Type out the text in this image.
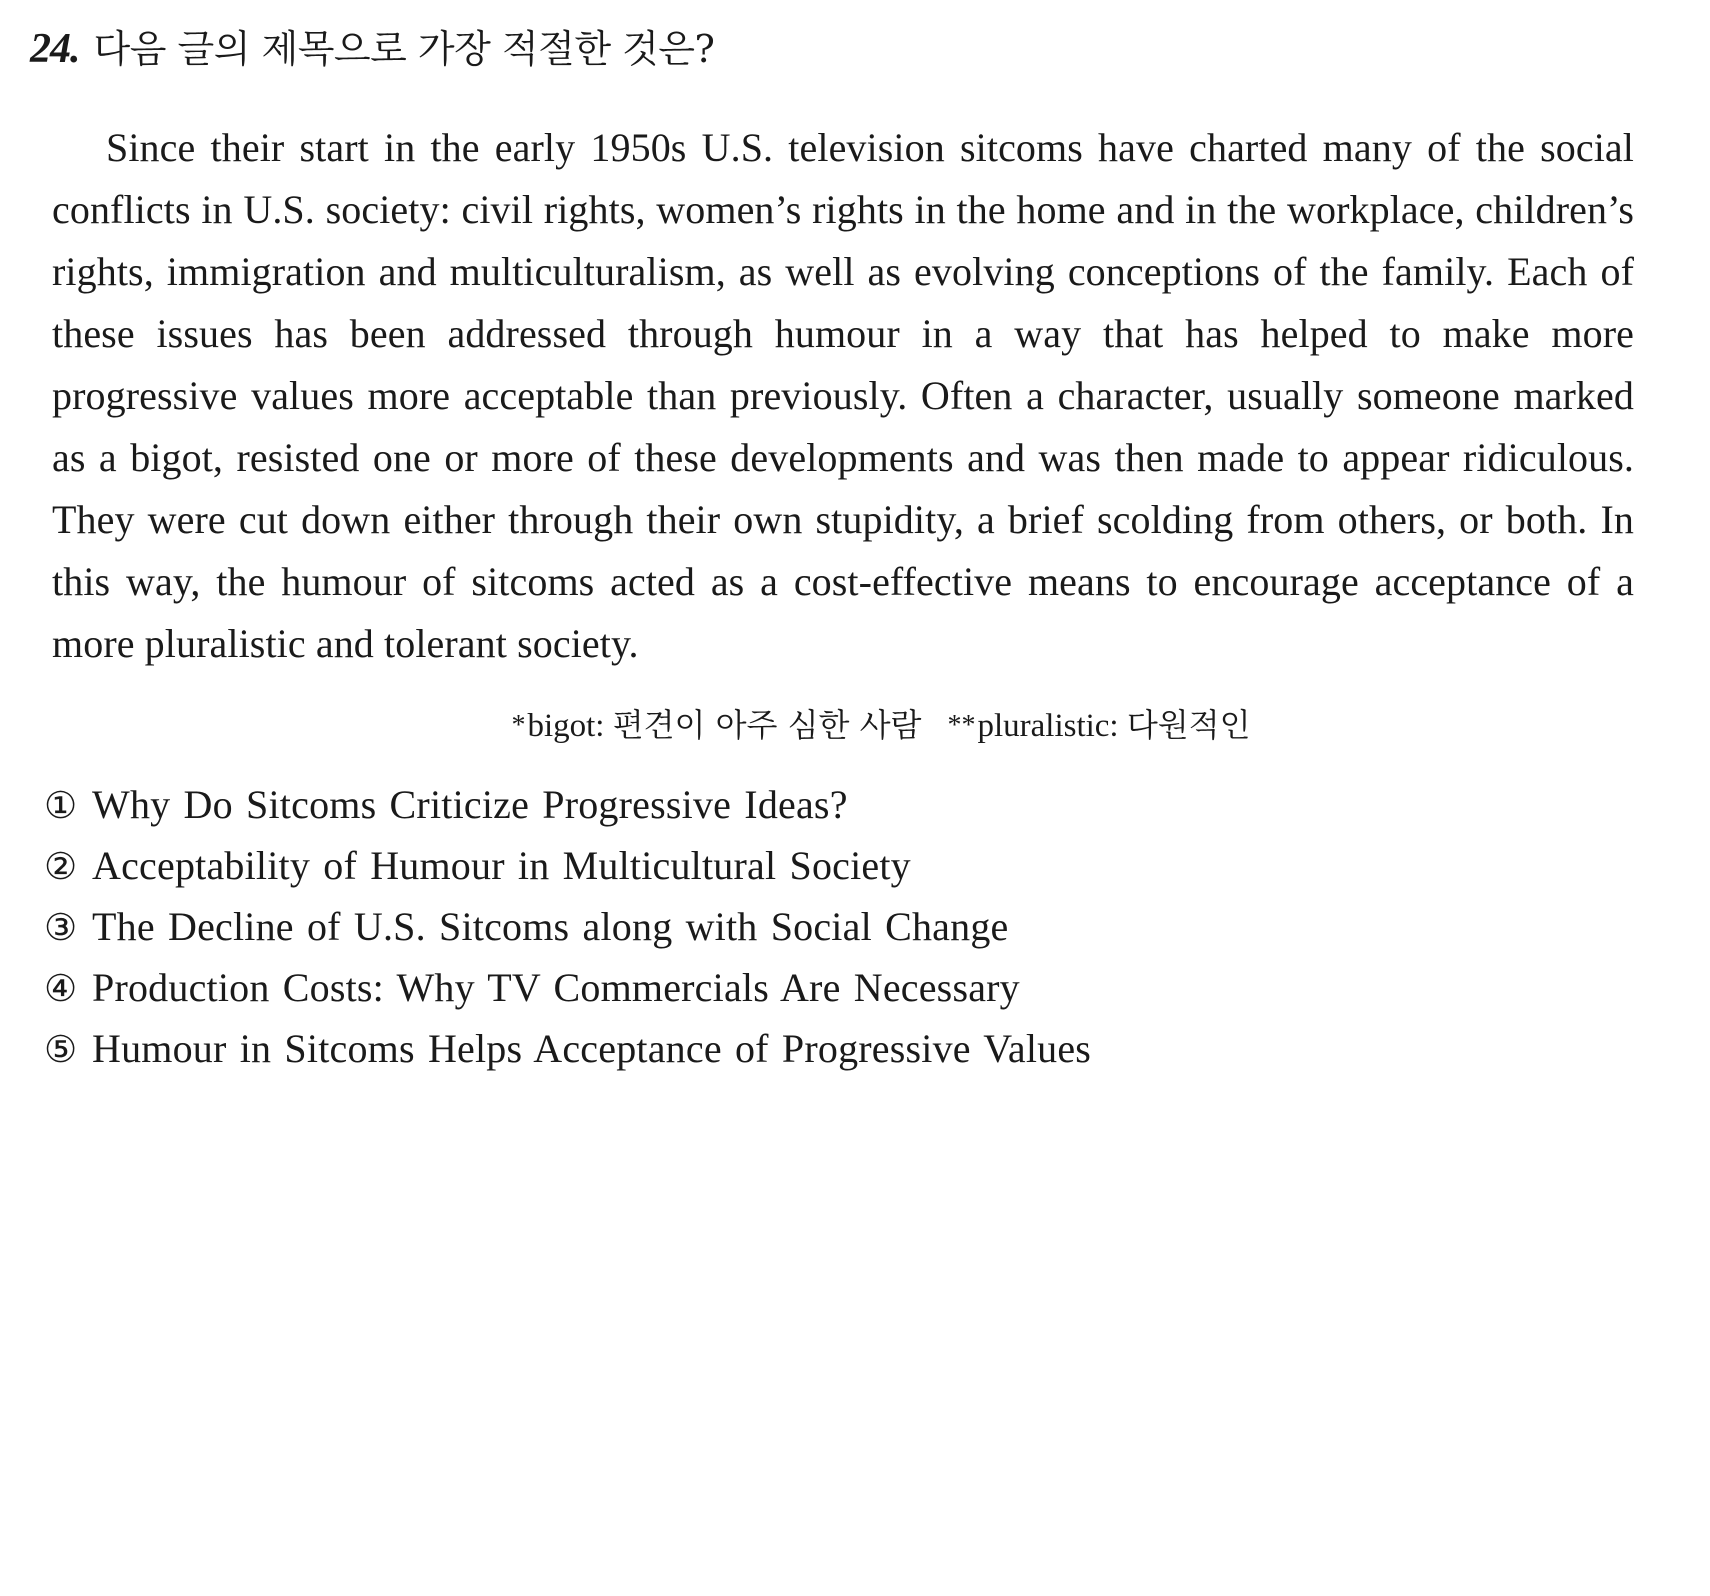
24. 다음 글의 제목으로 가장 적절한 것은?

Since their start in the early 1950s U.S. television sitcoms have charted many of the social conflicts in U.S. society: civil rights, women’s rights in the home and in the workplace, children’s rights, immigration and multiculturalism, as well as evolving conceptions of the family. Each of these issues has been addressed through humour in a way that has helped to make more progressive values more acceptable than previously. Often a character, usually someone marked as a bigot, resisted one or more of these developments and was then made to appear ridiculous. They were cut down either through their own stupidity, a brief scolding from others, or both. In this way, the humour of sitcoms acted as a cost-effective means to encourage acceptance of a more pluralistic and tolerant society.

*bigot: 편견이 아주 심한 사람 **pluralistic: 다원적인
① Why Do Sitcoms Criticize Progressive Ideas?
② Acceptability of Humour in Multicultural Society
③ The Decline of U.S. Sitcoms along with Social Change
④ Production Costs: Why TV Commercials Are Necessary
⑤ Humour in Sitcoms Helps Acceptance of Progressive Values
